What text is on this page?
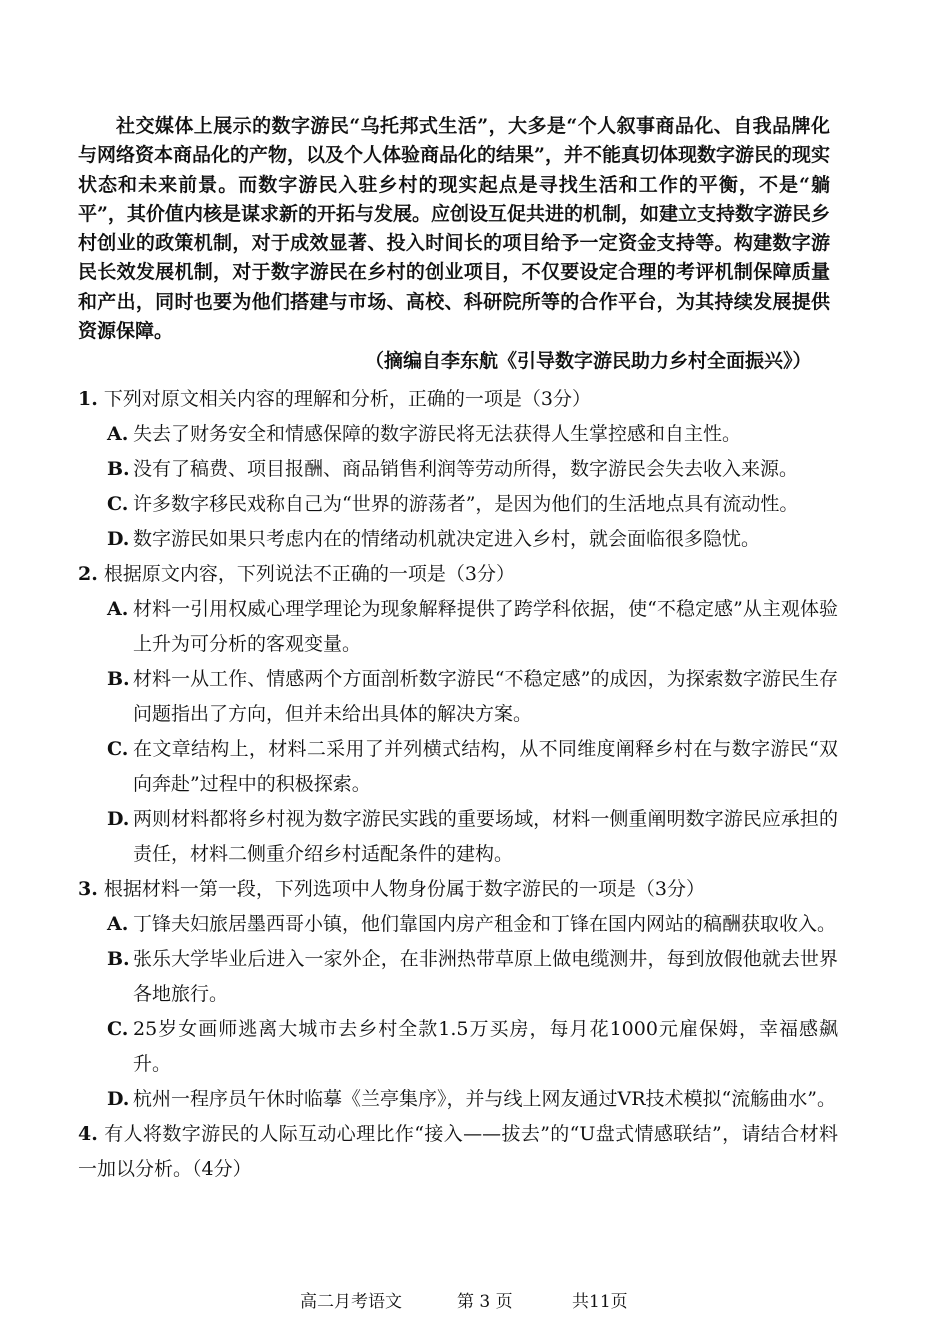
社交媒体上展示的数字游民“乌托邦式生活”，大多是“个人叙事商品化、自我品牌化与网络资本商品化的产物，以及个人体验商品化的结果”，并不能真切体现数字游民的现实状态和未来前景。而数字游民入驻乡村的现实起点是寻找生活和工作的平衡，不是“躺平”，其价值内核是谋求新的开拓与发展。应创设互促共进的机制，如建立支持数字游民乡村创业的政策机制，对于成效显著、投入时间长的项目给予一定资金支持等。构建数字游民长效发展机制，对于数字游民在乡村的创业项目，不仅要设定合理的考评机制保障质量和产出，同时也要为他们搭建与市场、高校、科研院所等的合作平台，为其持续发展提供资源保障。

（摘编自李东航《引导数字游民助力乡村全面振兴》）

1. 下列对原文相关内容的理解和分析，正确的一项是（3分）

A. 失去了财务安全和情感保障的数字游民将无法获得人生掌控感和自主性。
B. 没有了稿费、项目报酬、商品销售利润等劳动所得，数字游民会失去收入来源。
C. 许多数字移民戏称自己为“世界的游荡者”，是因为他们的生活地点具有流动性。
D. 数字游民如果只考虑内在的情绪动机就决定进入乡村，就会面临很多隐忧。

2. 根据原文内容，下列说法不正确的一项是（3分）

A. 材料一引用权威心理学理论为现象解释提供了跨学科依据，使“不稳定感”从主观体验上升为可分析的客观变量。
B. 材料一从工作、情感两个方面剖析数字游民“不稳定感”的成因，为探索数字游民生存问题指出了方向，但并未给出具体的解决方案。
C. 在文章结构上，材料二采用了并列横式结构，从不同维度阐释乡村在与数字游民“双向奔赴”过程中的积极探索。
D. 两则材料都将乡村视为数字游民实践的重要场域，材料一侧重阐明数字游民应承担的责任，材料二侧重介绍乡村适配条件的建构。

3. 根据材料一第一段，下列选项中人物身份属于数字游民的一项是（3分）

A. 丁锋夫妇旅居墨西哥小镇，他们靠国内房产租金和丁锋在国内网站的稿酬获取收入。
B. 张乐大学毕业后进入一家外企，在非洲热带草原上做电缆测井，每到放假他就去世界各地旅行。
C. 25岁女画师逃离大城市去乡村全款1.5万买房，每月花1000元雇保姆，幸福感飙升。
D. 杭州一程序员午休时临摹《兰亭集序》，并与线上网友通过VR技术模拟“流觞曲水”。

4. 有人将数字游民的人际互动心理比作“接入——拔去”的“U盘式情感联结”，请结合材料一加以分析。（4分）

高二月考语文	第 3 页	共11页
